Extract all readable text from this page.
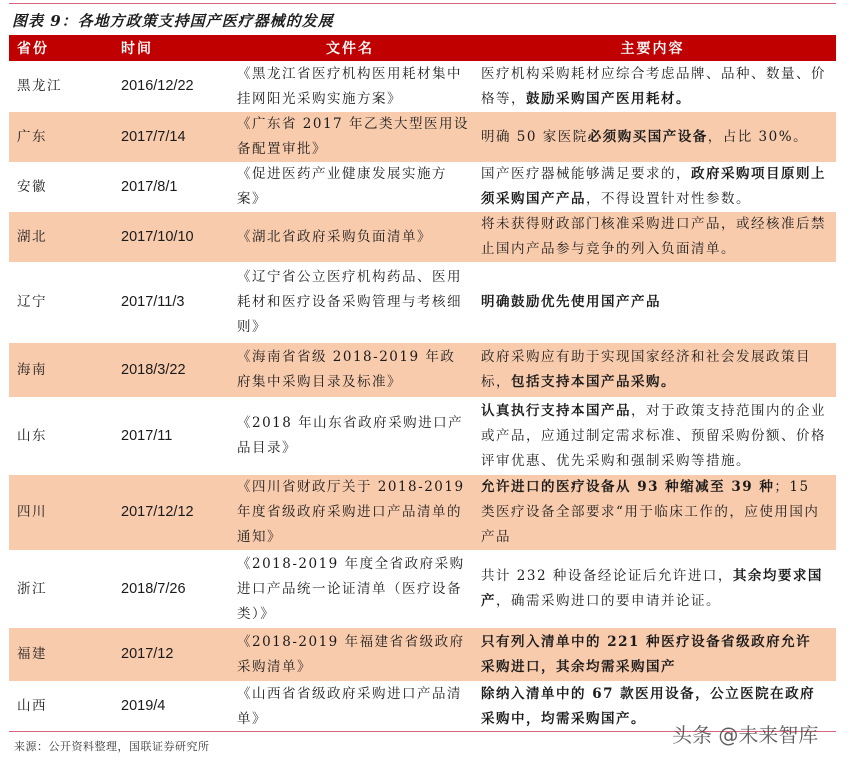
图表 9：各地方政策支持国产医疗器械的发展
省份	时间	文件名	主要内容
黑龙江	2016/12/22	《黑龙江省医疗机构医用耗材集中挂网阳光采购实施方案》	医疗机构采购耗材应综合考虑品牌、品种、数量、价格等，鼓励采购国产医用耗材。
广东	2017/7/14	《广东省 2017 年乙类大型医用设备配置审批》	明确 50 家医院必须购买国产设备，占比 30%。
安徽	2017/8/1	《促进医药产业健康发展实施方案》	国产医疗器械能够满足要求的，政府采购项目原则上须采购国产产品，不得设置针对性参数。
湖北	2017/10/10	《湖北省政府采购负面清单》	将未获得财政部门核准采购进口产品，或经核准后禁止国内产品参与竞争的列入负面清单。
辽宁	2017/11/3	《辽宁省公立医疗机构药品、医用耗材和医疗设备采购管理与考核细则》	明确鼓励优先使用国产产品
海南	2018/3/22	《海南省省级 2018-2019 年政府集中采购目录及标准》	政府采购应有助于实现国家经济和社会发展政策目标，包括支持本国产品采购。
山东	2017/11	《2018 年山东省政府采购进口产品目录》	认真执行支持本国产品，对于政策支持范围内的企业或产品，应通过制定需求标准、预留采购份额、价格评审优惠、优先采购和强制采购等措施。
四川	2017/12/12	《四川省财政厅关于 2018-2019 年度省级政府采购进口产品清单的通知》	允许进口的医疗设备从 93 种缩减至 39 种；15 类医疗设备全部要求“用于临床工作的，应使用国内产品
浙江	2018/7/26	《2018-2019 年度全省政府采购进口产品统一论证清单（医疗设备类）》	共计 232 种设备经论证后允许进口，其余均要求国产，确需采购进口的要申请并论证。
福建	2017/12	《2018-2019 年福建省省级政府采购清单》	只有列入清单中的 221 种医疗设备省级政府允许采购进口，其余均需采购国产
山西	2019/4	《山西省省级政府采购进口产品清单》	除纳入清单中的 67 款医用设备，公立医院在政府采购中，均需采购国产。
来源：公开资料整理，国联证券研究所	头条 @未来智库
